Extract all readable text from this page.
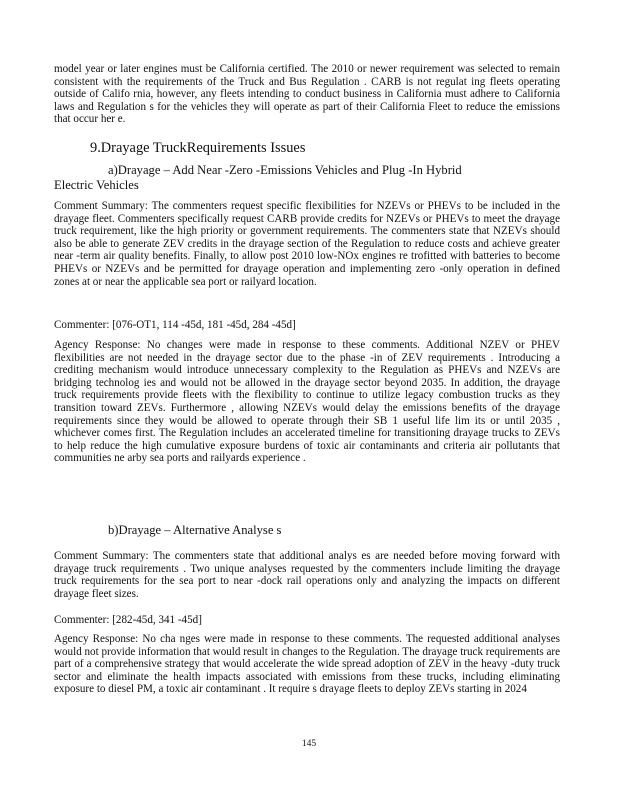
model year or later engines must be California certified. The 2010 or newer requirement was selected to remain consistent with the requirements of the Truck and Bus Regulation . CARB is not regulat ing fleets operating outside of Califo rnia, however, any fleets intending to conduct business in California must adhere to California laws and Regulation s for the vehicles they will operate as part of their California Fleet to reduce the emissions that occur her e.

9.Drayage TruckRequirements Issues

a)Drayage – Add Near -Zero -Emissions Vehicles and Plug -In Hybrid
Electric Vehicles

Comment Summary: The commenters request specific flexibilities for NZEVs or PHEVs to be included in the drayage fleet. Commenters specifically request CARB provide credits for NZEVs or PHEVs to meet the drayage truck requirement, like the high priority or government requirements. The commenters state that NZEVs should also be able to generate ZEV credits in the drayage section of the Regulation to reduce costs and achieve greater near -term air quality benefits. Finally, to allow post 2010 low-NOx engines re trofitted with batteries to become PHEVs or NZEVs and be permitted for drayage operation and implementing zero -only operation in defined zones at or near the applicable sea port or railyard location.

Commenter: [076-OT1, 114 -45d, 181 -45d, 284 -45d]

Agency Response: No changes were made in response to these comments. Additional NZEV or PHEV flexibilities are not needed in the drayage sector due to the phase -in of ZEV requirements . Introducing a crediting mechanism would introduce unnecessary complexity to the Regulation as PHEVs and NZEVs are bridging technolog ies and would not be allowed in the drayage sector beyond 2035. In addition, the drayage truck requirements provide fleets with the flexibility to continue to utilize legacy combustion trucks as they transition toward ZEVs. Furthermore , allowing NZEVs would delay the emissions benefits of the drayage requirements since they would be allowed to operate through their SB 1 useful life lim its or until 2035 , whichever comes first. The Regulation includes an accelerated timeline for transitioning drayage trucks to ZEVs to help reduce the high cumulative exposure burdens of toxic air contaminants and criteria air pollutants that communities ne arby sea ports and railyards experience .

b)Drayage – Alternative Analyse s

Comment Summary: The commenters state that additional analys es are needed before moving forward with drayage truck requirements . Two unique analyses requested by the commenters include limiting the drayage truck requirements for the sea port to near -dock rail operations only and analyzing the impacts on different drayage fleet sizes.

Commenter: [282-45d, 341 -45d]

Agency Response: No cha nges were made in response to these comments. The requested additional analyses would not provide information that would result in changes to the Regulation. The drayage truck requirements are part of a comprehensive strategy that would accelerate the wide spread adoption of ZEV in the heavy -duty truck sector and eliminate the health impacts associated with emissions from these trucks, including eliminating exposure to diesel PM, a toxic air contaminant . It require s drayage fleets to deploy ZEVs starting in 2024

145
